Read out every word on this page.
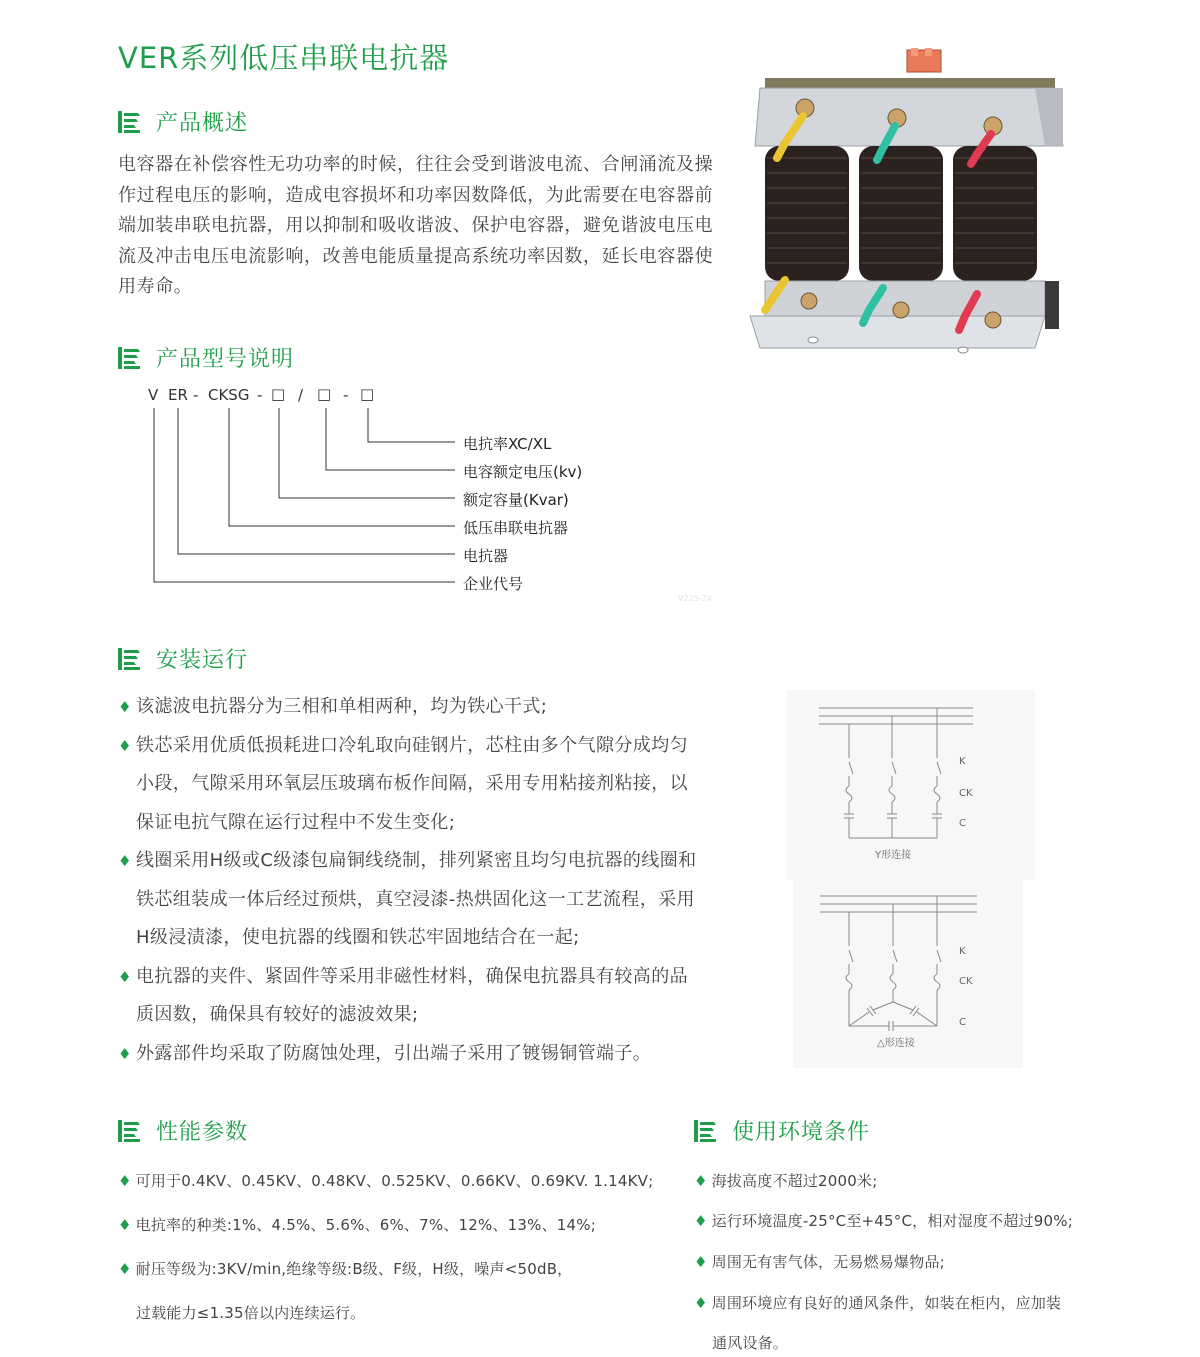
VER系列低压串联电抗器
产品概述
电容器在补偿容性无功功率的时候，往往会受到谐波电流、合闸涌流及操作过程电压的影响，造成电容损坏和功率因数降低，为此需要在电容器前端加装串联电抗器，用以抑制和吸收谐波、保护电容器，避免谐波电压电流及冲击电压电流影响，改善电能质量提高系统功率因数，延长电容器使用寿命。
产品型号说明
V ER - CKSG - □ / □ - □
电抗率XC/XL
电容额定电压(kv)
额定容量(Kvar)
低压串联电抗器
电抗器
企业代号
V225-24
安装运行
♦ 该滤波电抗器分为三相和单相两种，均为铁心干式;
♦ 铁芯采用优质低损耗进口冷轧取向硅钢片，芯柱由多个气隙分成均匀
小段，气隙采用环氧层压玻璃布板作间隔，采用专用粘接剂粘接，以
保证电抗气隙在运行过程中不发生变化;
♦ 线圈采用H级或C级漆包扁铜线绕制，排列紧密且均匀电抗器的线圈和
铁芯组装成一体后经过预烘，真空浸漆-热烘固化这一工艺流程，采用
H级浸渍漆，使电抗器的线圈和铁芯牢固地结合在一起;
♦ 电抗器的夹件、紧固件等采用非磁性材料，确保电抗器具有较高的品
质因数，确保具有较好的滤波效果;
♦ 外露部件均采取了防腐蚀处理，引出端子采用了镀锡铜管端子。
K
CK
C
Y形连接
K
CK
C
△形连接
性能参数
♦ 可用于0.4KV、0.45KV、0.48KV、0.525KV、0.66KV、0.69KV. 1.14KV;
♦ 电抗率的种类:1%、4.5%、5.6%、6%、7%、12%、13%、14%;
♦ 耐压等级为:3KV/min,绝缘等级:B级、F级，H级，噪声<50dB，
过载能力≤1.35倍以内连续运行。
使用环境条件
♦ 海拔高度不超过2000米;
♦ 运行环境温度-25°C至+45°C，相对湿度不超过90%;
♦ 周围无有害气体，无易燃易爆物品;
♦ 周围环境应有良好的通风条件，如装在柜内，应加装
通风设备。
